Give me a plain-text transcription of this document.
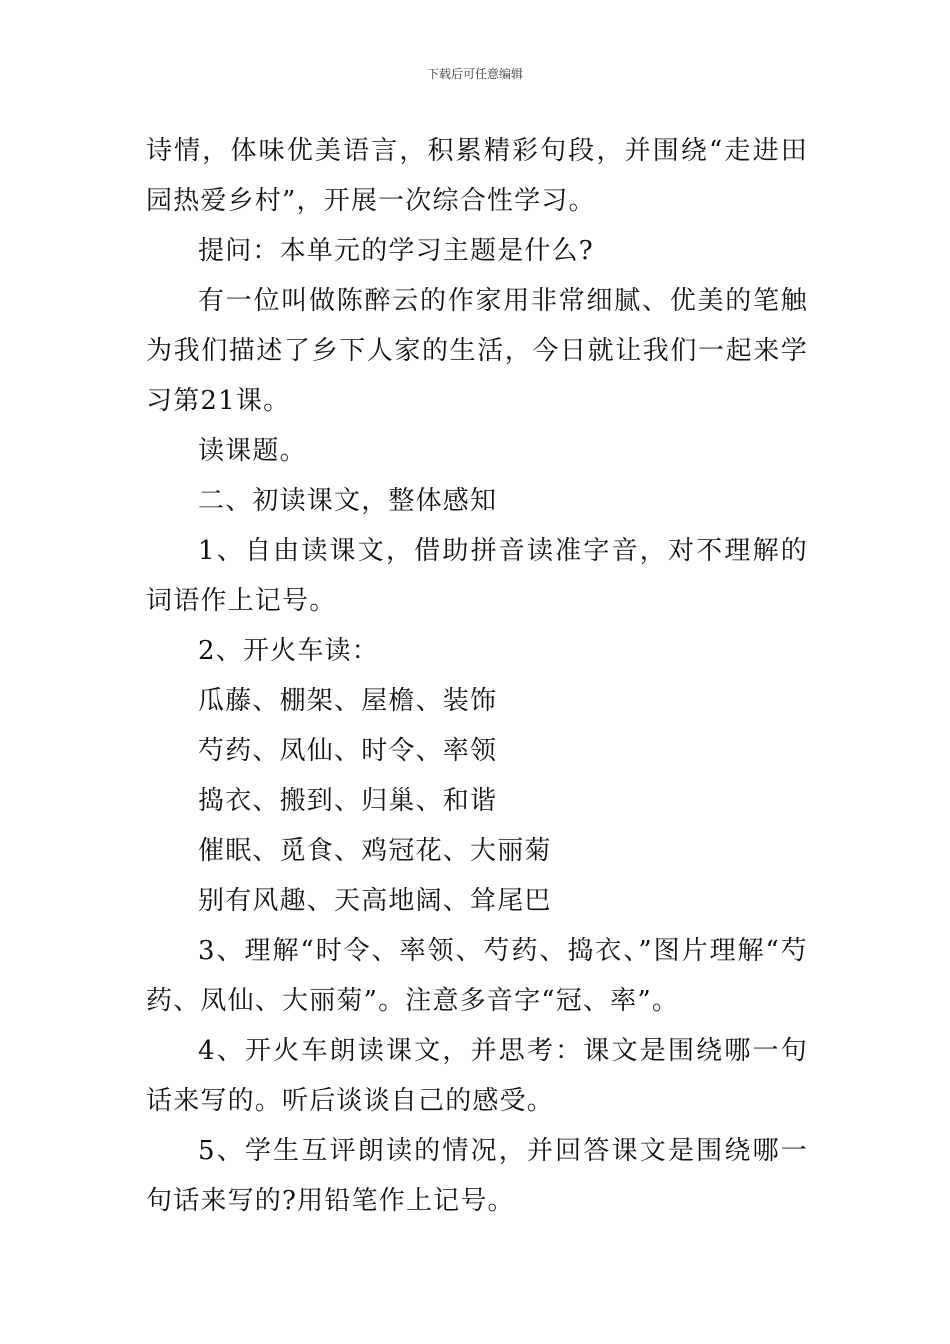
下载后可任意编辑

诗情，体味优美语言，积累精彩句段，并围绕“走进田园热爱乡村”，开展一次综合性学习。

提问：本单元的学习主题是什么?

有一位叫做陈醉云的作家用非常细腻、优美的笔触为我们描述了乡下人家的生活，今日就让我们一起来学习第21课。

读课题。

二、初读课文，整体感知

1、自由读课文，借助拼音读准字音，对不理解的词语作上记号。

2、开火车读：

瓜藤、棚架、屋檐、装饰

芍药、凤仙、时令、率领

捣衣、搬到、归巢、和谐

催眠、觅食、鸡冠花、大丽菊

别有风趣、天高地阔、耸尾巴

3、理解“时令、率领、芍药、捣衣、”图片理解“芍药、凤仙、大丽菊”。注意多音字“冠、率”。

4、开火车朗读课文，并思考：课文是围绕哪一句话来写的。听后谈谈自己的感受。

5、学生互评朗读的情况，并回答课文是围绕哪一句话来写的?用铅笔作上记号。
